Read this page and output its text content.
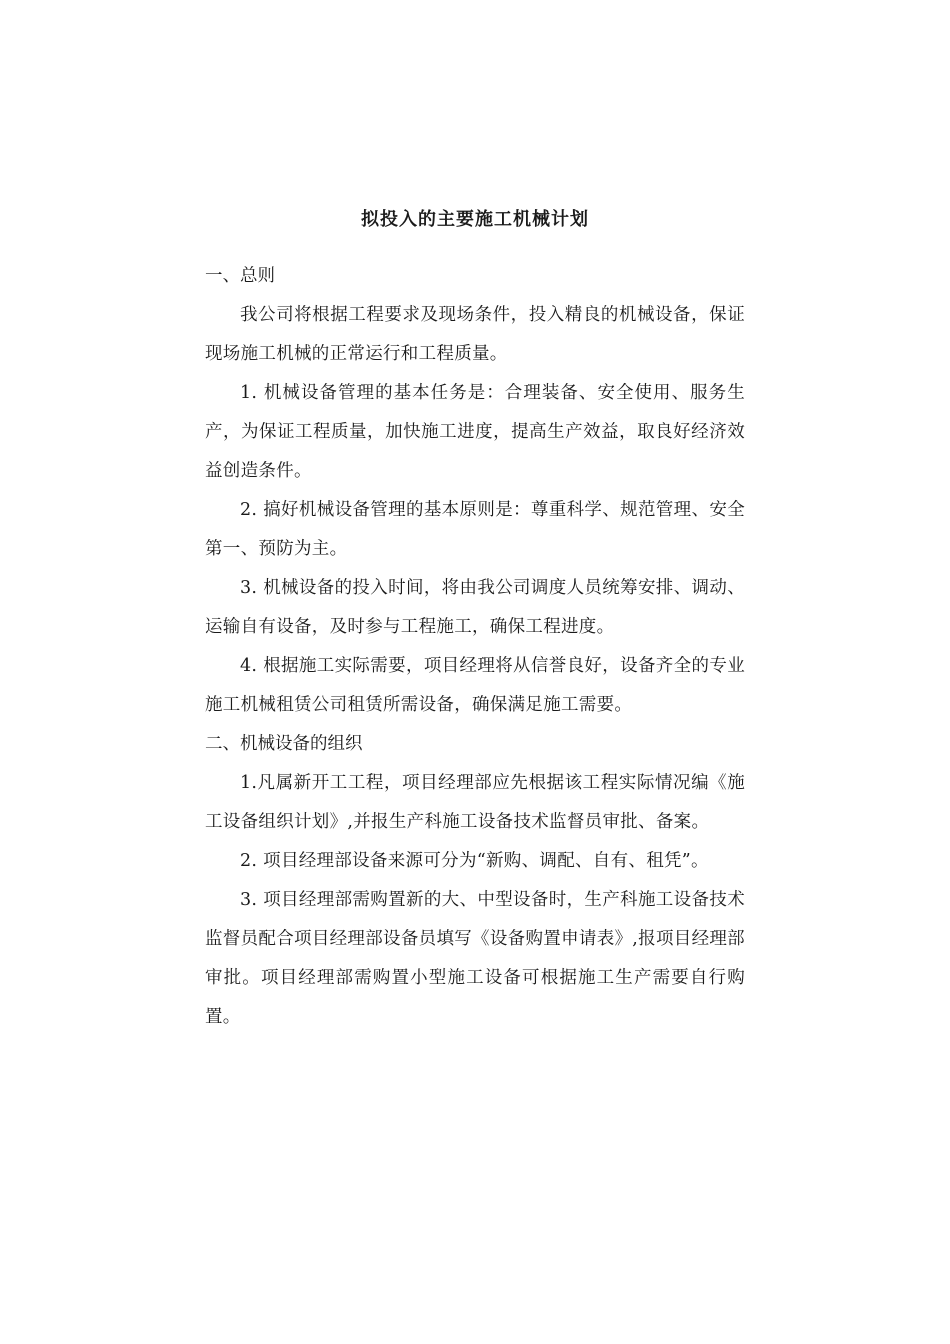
拟投入的主要施工机械计划

一、总则

我公司将根据工程要求及现场条件，投入精良的机械设备，保证现场施工机械的正常运行和工程质量。

1. 机械设备管理的基本任务是：合理装备、安全使用、服务生产，为保证工程质量，加快施工进度，提高生产效益，取良好经济效益创造条件。

2. 搞好机械设备管理的基本原则是：尊重科学、规范管理、安全第一、预防为主。

3. 机械设备的投入时间，将由我公司调度人员统筹安排、调动、运输自有设备，及时参与工程施工，确保工程进度。

4. 根据施工实际需要，项目经理将从信誉良好，设备齐全的专业施工机械租赁公司租赁所需设备，确保满足施工需要。

二、机械设备的组织

1.凡属新开工工程，项目经理部应先根据该工程实际情况编《施工设备组织计划》,并报生产科施工设备技术监督员审批、备案。

2. 项目经理部设备来源可分为“新购、调配、自有、租凭”。

3. 项目经理部需购置新的大、中型设备时，生产科施工设备技术监督员配合项目经理部设备员填写《设备购置申请表》,报项目经理部审批。项目经理部需购置小型施工设备可根据施工生产需要自行购置。
